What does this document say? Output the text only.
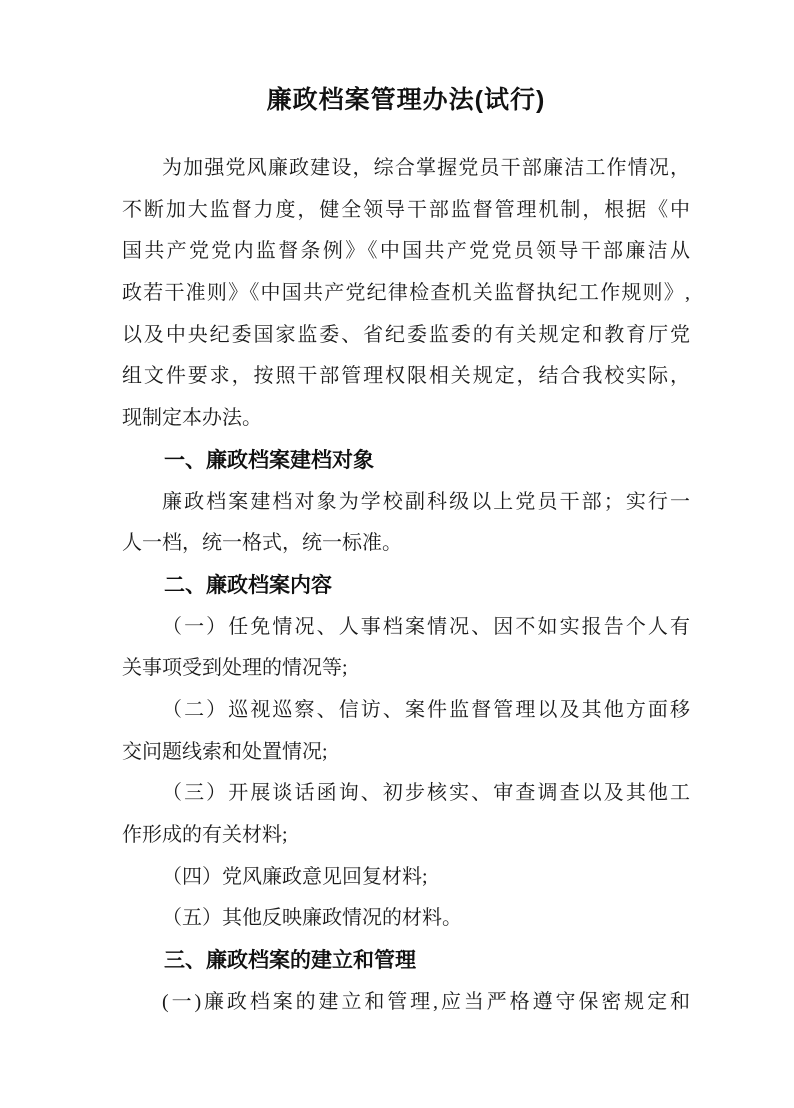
廉政档案管理办法(试行)
为加强党风廉政建设，综合掌握党员干部廉洁工作情况，
不断加大监督力度，健全领导干部监督管理机制，根据《中
国共产党党内监督条例》《中国共产党党员领导干部廉洁从
政若干准则》《中国共产党纪律检查机关监督执纪工作规则》,
以及中央纪委国家监委、省纪委监委的有关规定和教育厅党
组文件要求，按照干部管理权限相关规定，结合我校实际，
现制定本办法。
一、廉政档案建档对象
廉政档案建档对象为学校副科级以上党员干部；实行一
人一档，统一格式，统一标准。
二、廉政档案内容
（一）任免情况、人事档案情况、因不如实报告个人有
关事项受到处理的情况等;
（二）巡视巡察、信访、案件监督管理以及其他方面移
交问题线索和处置情况;
（三）开展谈话函询、初步核实、审查调查以及其他工
作形成的有关材料;
（四）党风廉政意见回复材料;
（五）其他反映廉政情况的材料。
三、廉政档案的建立和管理
(一)廉政档案的建立和管理,应当严格遵守保密规定和
